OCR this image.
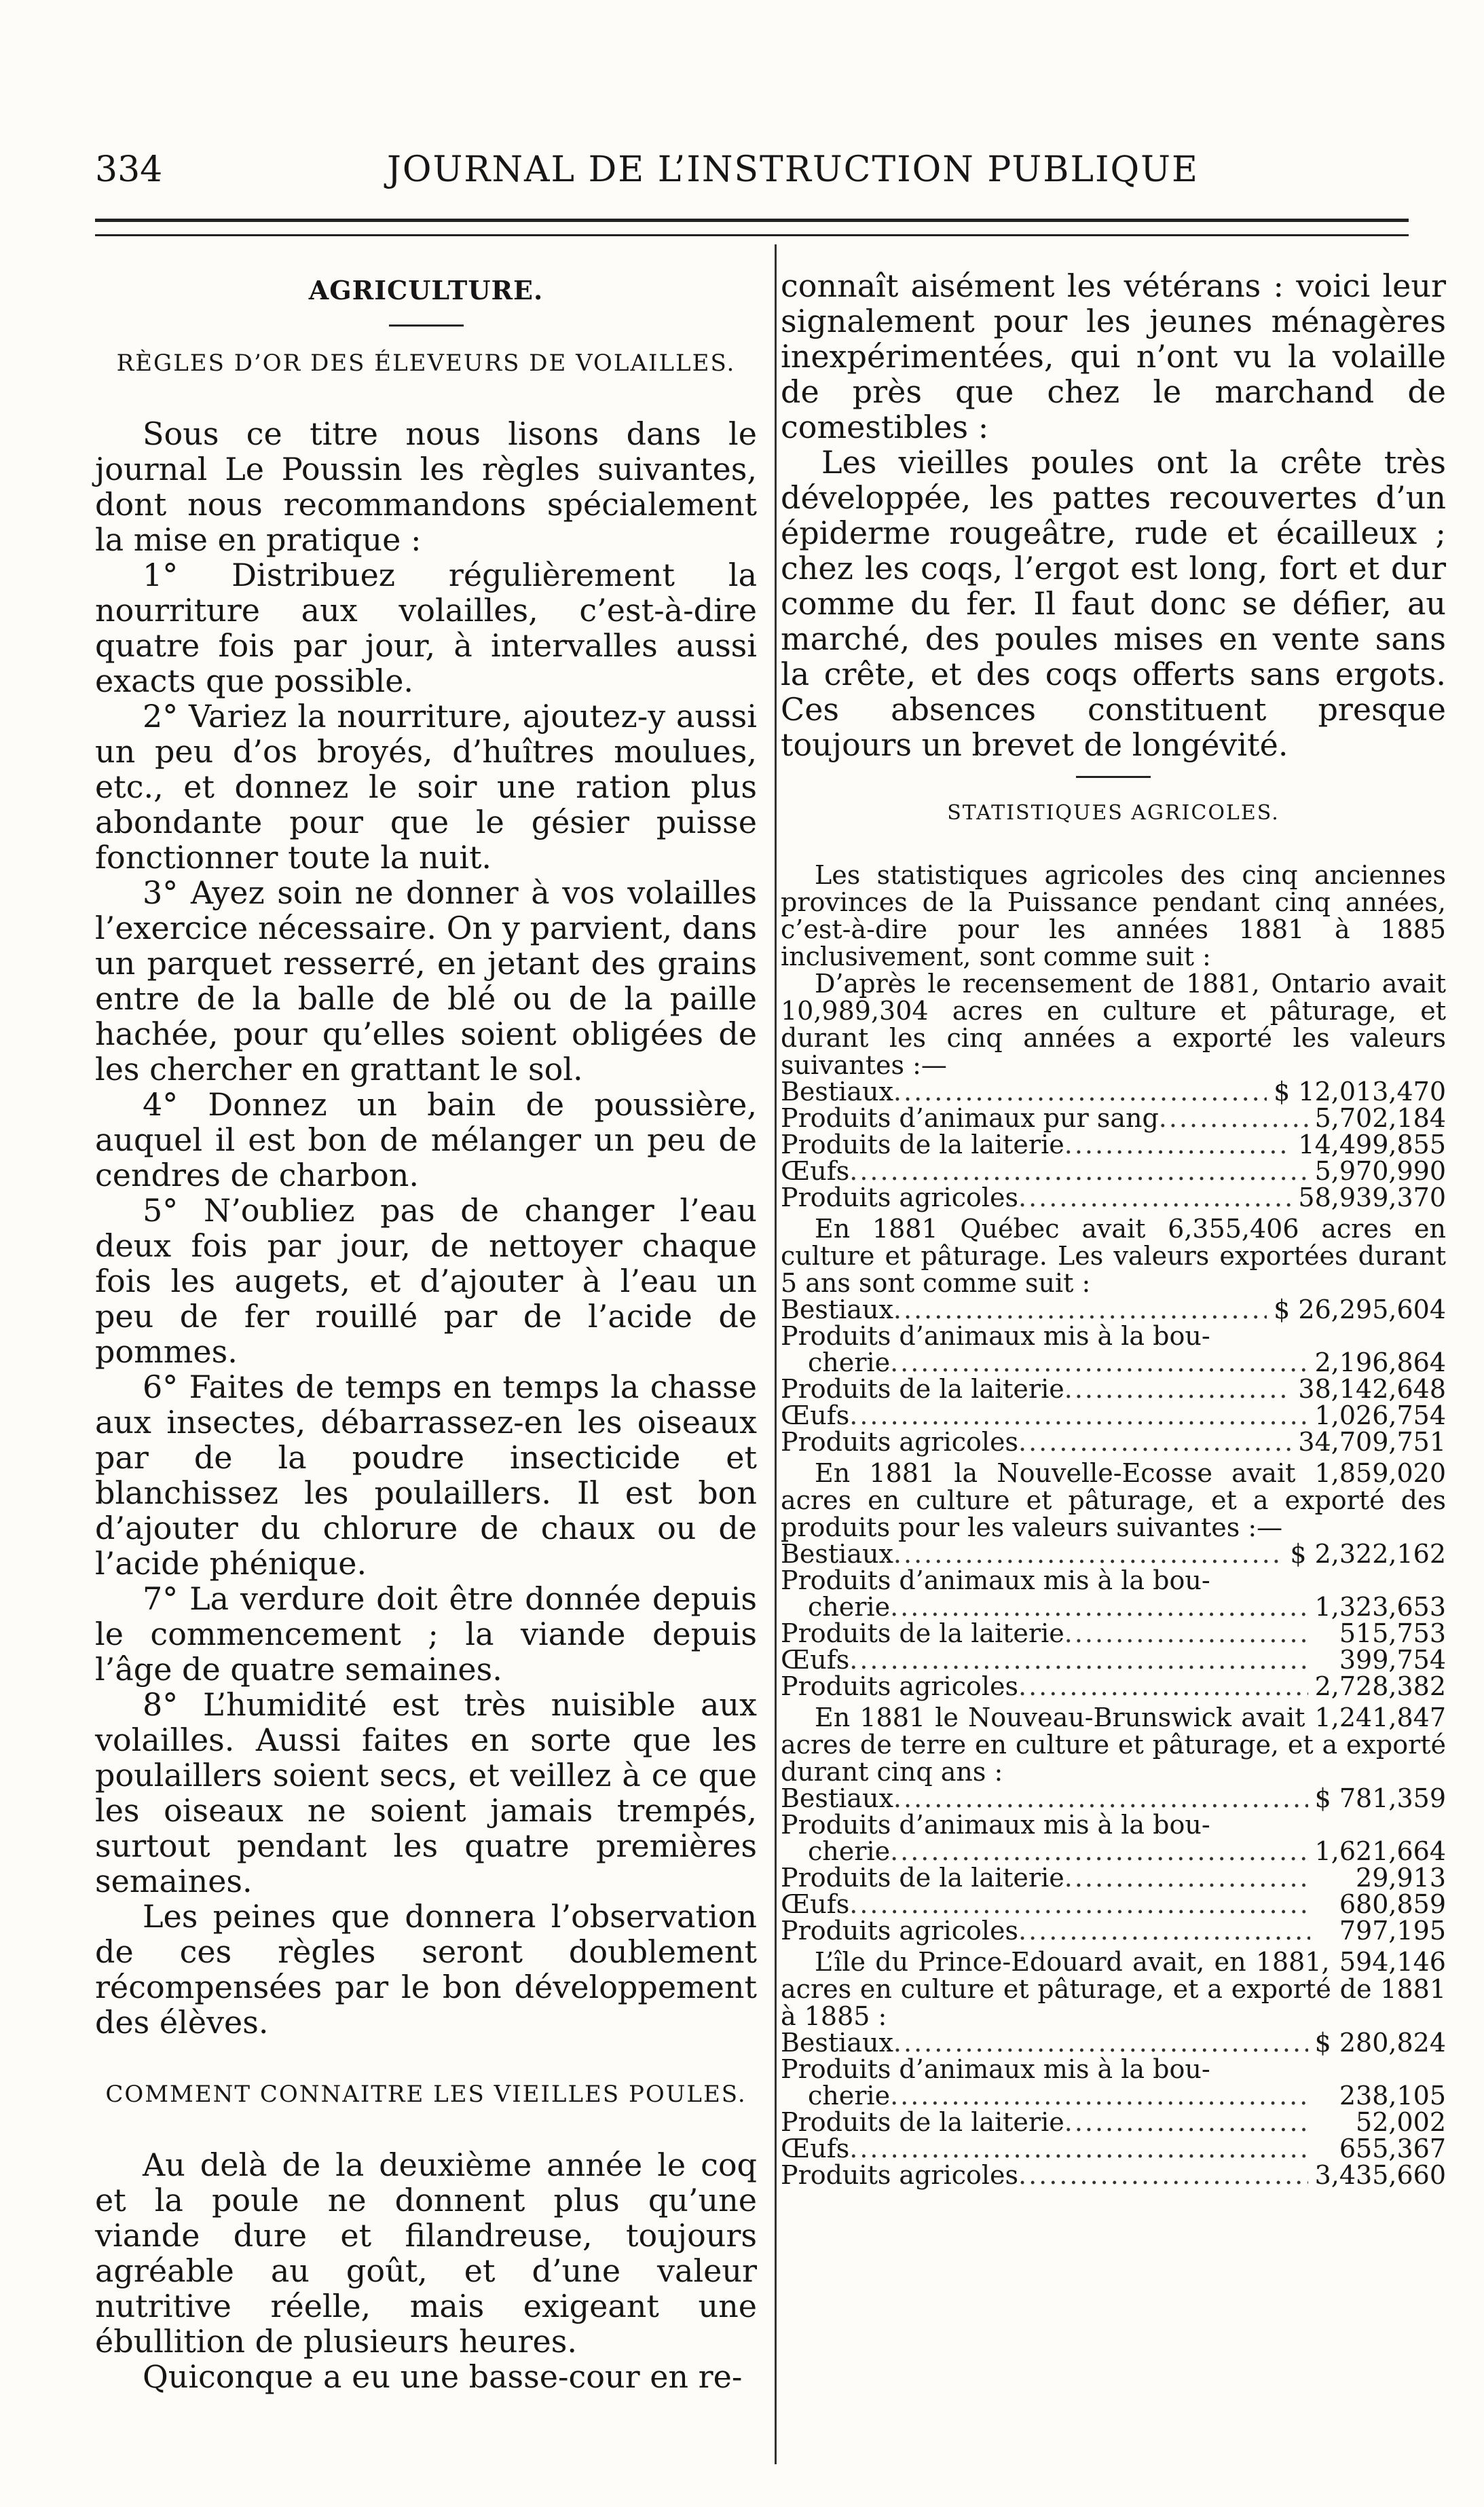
334	JOURNAL DE L’INSTRUCTION PUBLIQUE
AGRICULTURE.
RÈGLES D’OR DES ÉLEVEURS DE VOLAILLES.

Sous ce titre nous lisons dans le journal Le Poussin les règles suivantes, dont nous recommandons spécialement la mise en pratique :

1° Distribuez régulièrement la nourriture aux volailles, c’est-à-dire quatre fois par jour, à intervalles aussi exacts que possible.

2° Variez la nourriture, ajoutez-y aussi un peu d’os broyés, d’huîtres moulues, etc., et donnez le soir une ration plus abondante pour que le gésier puisse fonctionner toute la nuit.

3° Ayez soin ne donner à vos volailles l’exercice nécessaire. On y parvient, dans un parquet resserré, en jetant des grains entre de la balle de blé ou de la paille hachée, pour qu’elles soient obligées de les chercher en grattant le sol.

4° Donnez un bain de poussière, auquel il est bon de mélanger un peu de cendres de charbon.

5° N’oubliez pas de changer l’eau deux fois par jour, de nettoyer chaque fois les augets, et d’ajouter à l’eau un peu de fer rouillé par de l’acide de pommes.

6° Faites de temps en temps la chasse aux insectes, débarrassez-en les oiseaux par de la poudre insecticide et blanchissez les poulaillers. Il est bon d’ajouter du chlorure de chaux ou de l’acide phénique.

7° La verdure doit être donnée depuis le commencement ; la viande depuis l’âge de quatre semaines.

8° L’humidité est très nuisible aux volailles. Aussi faites en sorte que les poulaillers soient secs, et veillez à ce que les oiseaux ne soient jamais trempés, surtout pendant les quatre premières semaines.

Les peines que donnera l’observation de ces règles seront doublement récompensées par le bon développement des élèves.

COMMENT CONNAITRE LES VIEILLES POULES.

Au delà de la deuxième année le coq et la poule ne donnent plus qu’une viande dure et filandreuse, toujours agréable au goût, et d’une valeur nutritive réelle, mais exigeant une ébullition de plusieurs heures.

Quiconque a eu une basse-cour en re-

connaît aisément les vétérans : voici leur signalement pour les jeunes ménagères inexpérimentées, qui n’ont vu la volaille de près que chez le marchand de comestibles :

Les vieilles poules ont la crête très développée, les pattes recouvertes d’un épiderme rougeâtre, rude et écailleux ; chez les coqs, l’ergot est long, fort et dur comme du fer. Il faut donc se défier, au marché, des poules mises en vente sans la crête, et des coqs offerts sans ergots. Ces absences constituent presque toujours un brevet de longévité.

STATISTIQUES AGRICOLES.

Les statistiques agricoles des cinq anciennes provinces de la Puissance pendant cinq années, c’est-à-dire pour les années 1881 à 1885 inclusivement, sont comme suit :

D’après le recensement de 1881, Ontario avait 10,989,304 acres en culture et pâturage, et durant les cinq années a exporté les valeurs suivantes :—

Bestiaux .....	$ 12,013,470
Produits d’animaux pur sang .....	5,702,184
Produits de la laiterie .....	14,499,855
Œufs .....	5,970,990
Produits agricoles .....	58,939,370

En 1881 Québec avait 6,355,406 acres en culture et pâturage. Les valeurs exportées durant 5 ans sont comme suit :

Bestiaux .....	$ 26,295,604
Produits d’animaux mis à la bou-
cherie .....	2,196,864
Produits de la laiterie .....	38,142,648
Œufs .....	1,026,754
Produits agricoles .....	34,709,751

En 1881 la Nouvelle-Ecosse avait 1,859,020 acres en culture et pâturage, et a exporté des produits pour les valeurs suivantes :—

Bestiaux .....	$ 2,322,162
Produits d’animaux mis à la bou-
cherie .....	1,323,653
Produits de la laiterie .....	515,753
Œufs .....	399,754
Produits agricoles .....	2,728,382

En 1881 le Nouveau-Brunswick avait 1,241,847 acres de terre en culture et pâturage, et a exporté durant cinq ans :

Bestiaux .....	$ 781,359
Produits d’animaux mis à la bou-
cherie .....	1,621,664
Produits de la laiterie .....	29,913
Œufs .....	680,859
Produits agricoles .....	797,195

L’île du Prince-Edouard avait, en 1881, 594,146 acres en culture et pâturage, et a exporté de 1881 à 1885 :

Bestiaux .....	$ 280,824
Produits d’animaux mis à la bou-
cherie .....	238,105
Produits de la laiterie .....	52,002
Œufs .....	655,367
Produits agricoles .....	3,435,660
